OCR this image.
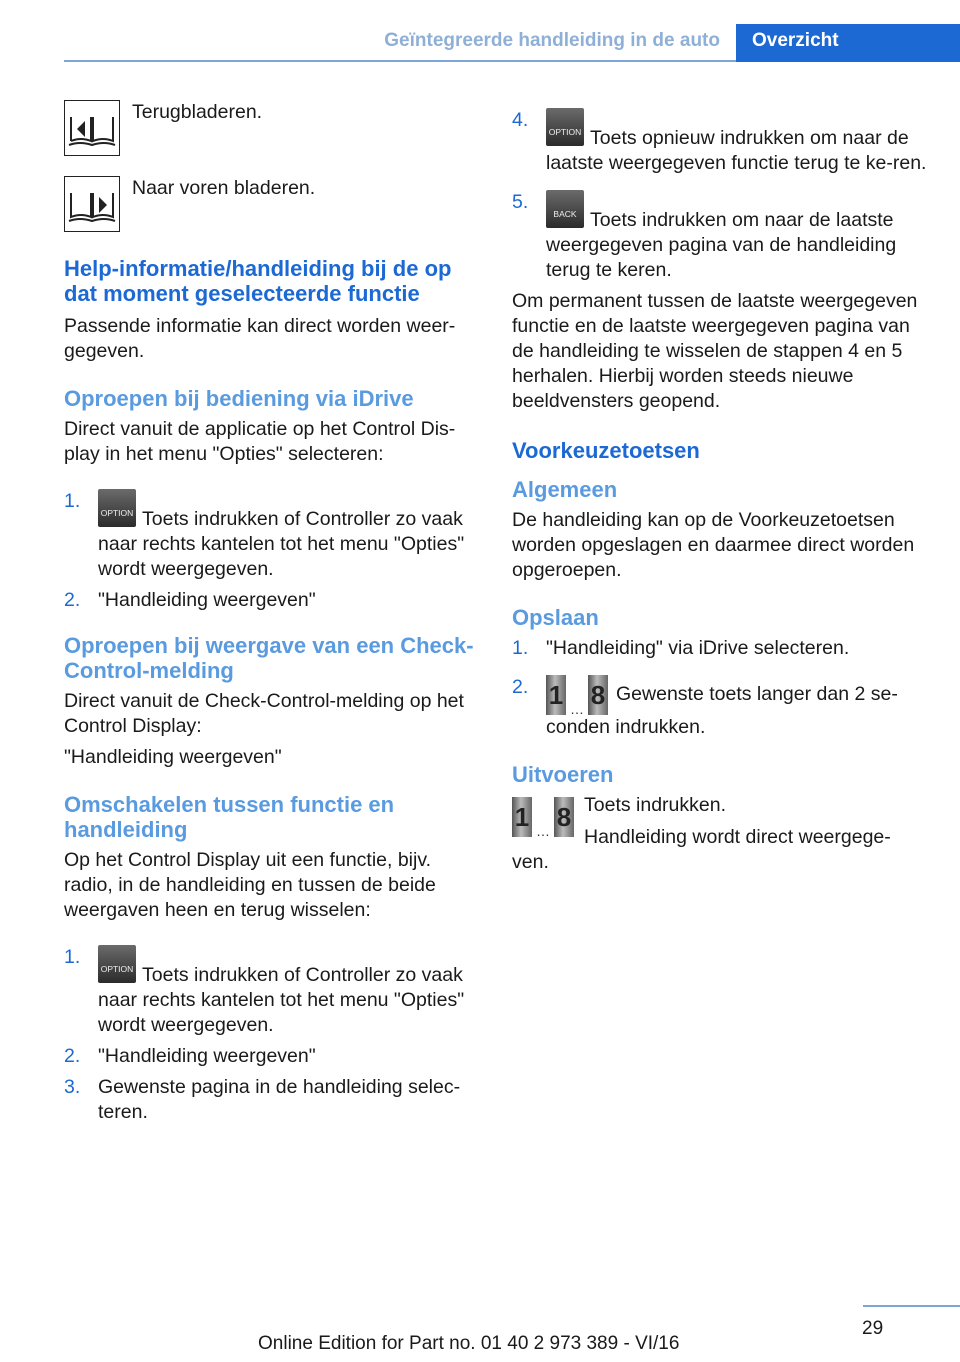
Geïntegreerde handleiding in de auto	Overzicht

Terugbladeren.

Naar voren bladeren.

Help-informatie/handleiding bij de op dat moment geselecteerde functie

Passende informatie kan direct worden weer-gegeven.

Oproepen bij bediening via iDrive

Direct vanuit de applicatie op het Control Dis-play in het menu "Opties" selecteren:

1.
OPTION Toets indrukken of Controller zo vaak naar rechts kantelen tot het menu "Opties" wordt weergegeven.
2. "Handleiding weergeven"
Oproepen bij weergave van een Check-Control-melding

Direct vanuit de Check-Control-melding op het Control Display:

"Handleiding weergeven"

Omschakelen tussen functie en handleiding

Op het Control Display uit een functie, bijv. radio, in de handleiding en tussen de beide weergaven heen en terug wisselen:

1.
OPTION Toets indrukken of Controller zo vaak naar rechts kantelen tot het menu "Opties" wordt weergegeven.
2. "Handleiding weergeven"
3. Gewenste pagina in de handleiding selec-teren.
4.
OPTION Toets opnieuw indrukken om naar de laatste weergegeven functie terug te ke-ren.
5.
BACK Toets indrukken om naar de laatste weergegeven pagina van de handleiding terug te keren.

Om permanent tussen de laatste weergegeven functie en de laatste weergegeven pagina van de handleiding te wisselen de stappen 4 en 5 herhalen. Hierbij worden steeds nieuwe beeldvensters geopend.

Voorkeuzetoetsen
Algemeen

De handleiding kan op de Voorkeuzetoetsen worden opgeslagen en daarmee direct worden opgeroepen.

Opslaan
1. "Handleiding" via iDrive selecteren.
2. 1 … 8 Gewenste toets langer dan 2 se-conden indrukken.
Uitvoeren
1 … 8 Toets indrukken.

Handleiding wordt direct weergege-

ven.

29
Online Edition for Part no. 01 40 2 973 389 - VI/16
